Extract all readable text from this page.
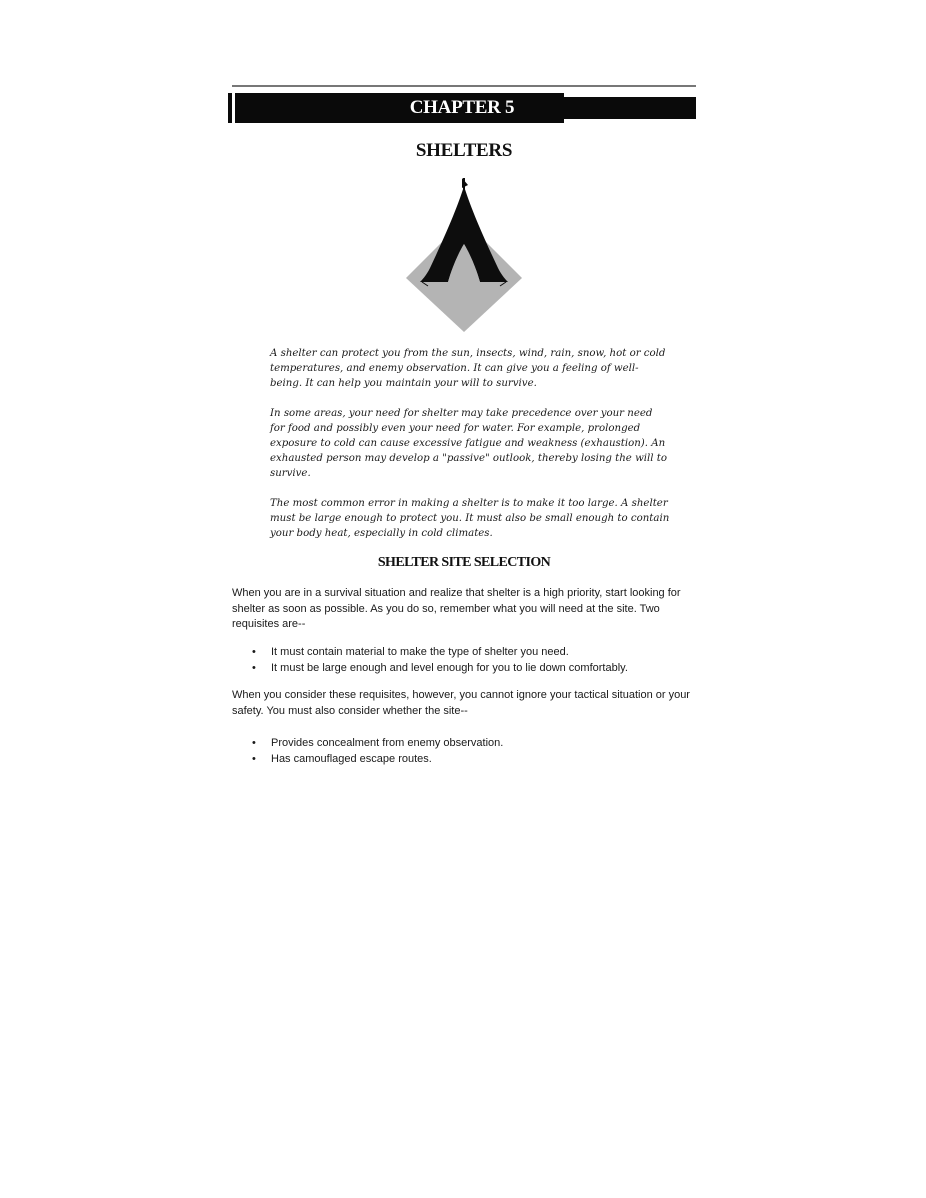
CHAPTER 5
SHELTERS

A shelter can protect you from the sun, insects, wind, rain, snow, hot or cold temperatures, and enemy observation. It can give you a feeling of well-being. It can help you maintain your will to survive.

In some areas, your need for shelter may take precedence over your need for food and possibly even your need for water. For example, prolonged exposure to cold can cause excessive fatigue and weakness (exhaustion). An exhausted person may develop a "passive" outlook, thereby losing the will to survive.

The most common error in making a shelter is to make it too large. A shelter must be large enough to protect you. It must also be small enough to contain your body heat, especially in cold climates.

SHELTER SITE SELECTION
When you are in a survival situation and realize that shelter is a high priority, start looking for shelter as soon as possible. As you do so, remember what you will need at the site. Two requisites are--
• It must contain material to make the type of shelter you need.
• It must be large enough and level enough for you to lie down comfortably.
When you consider these requisites, however, you cannot ignore your tactical situation or your safety. You must also consider whether the site--
• Provides concealment from enemy observation.
• Has camouflaged escape routes.
